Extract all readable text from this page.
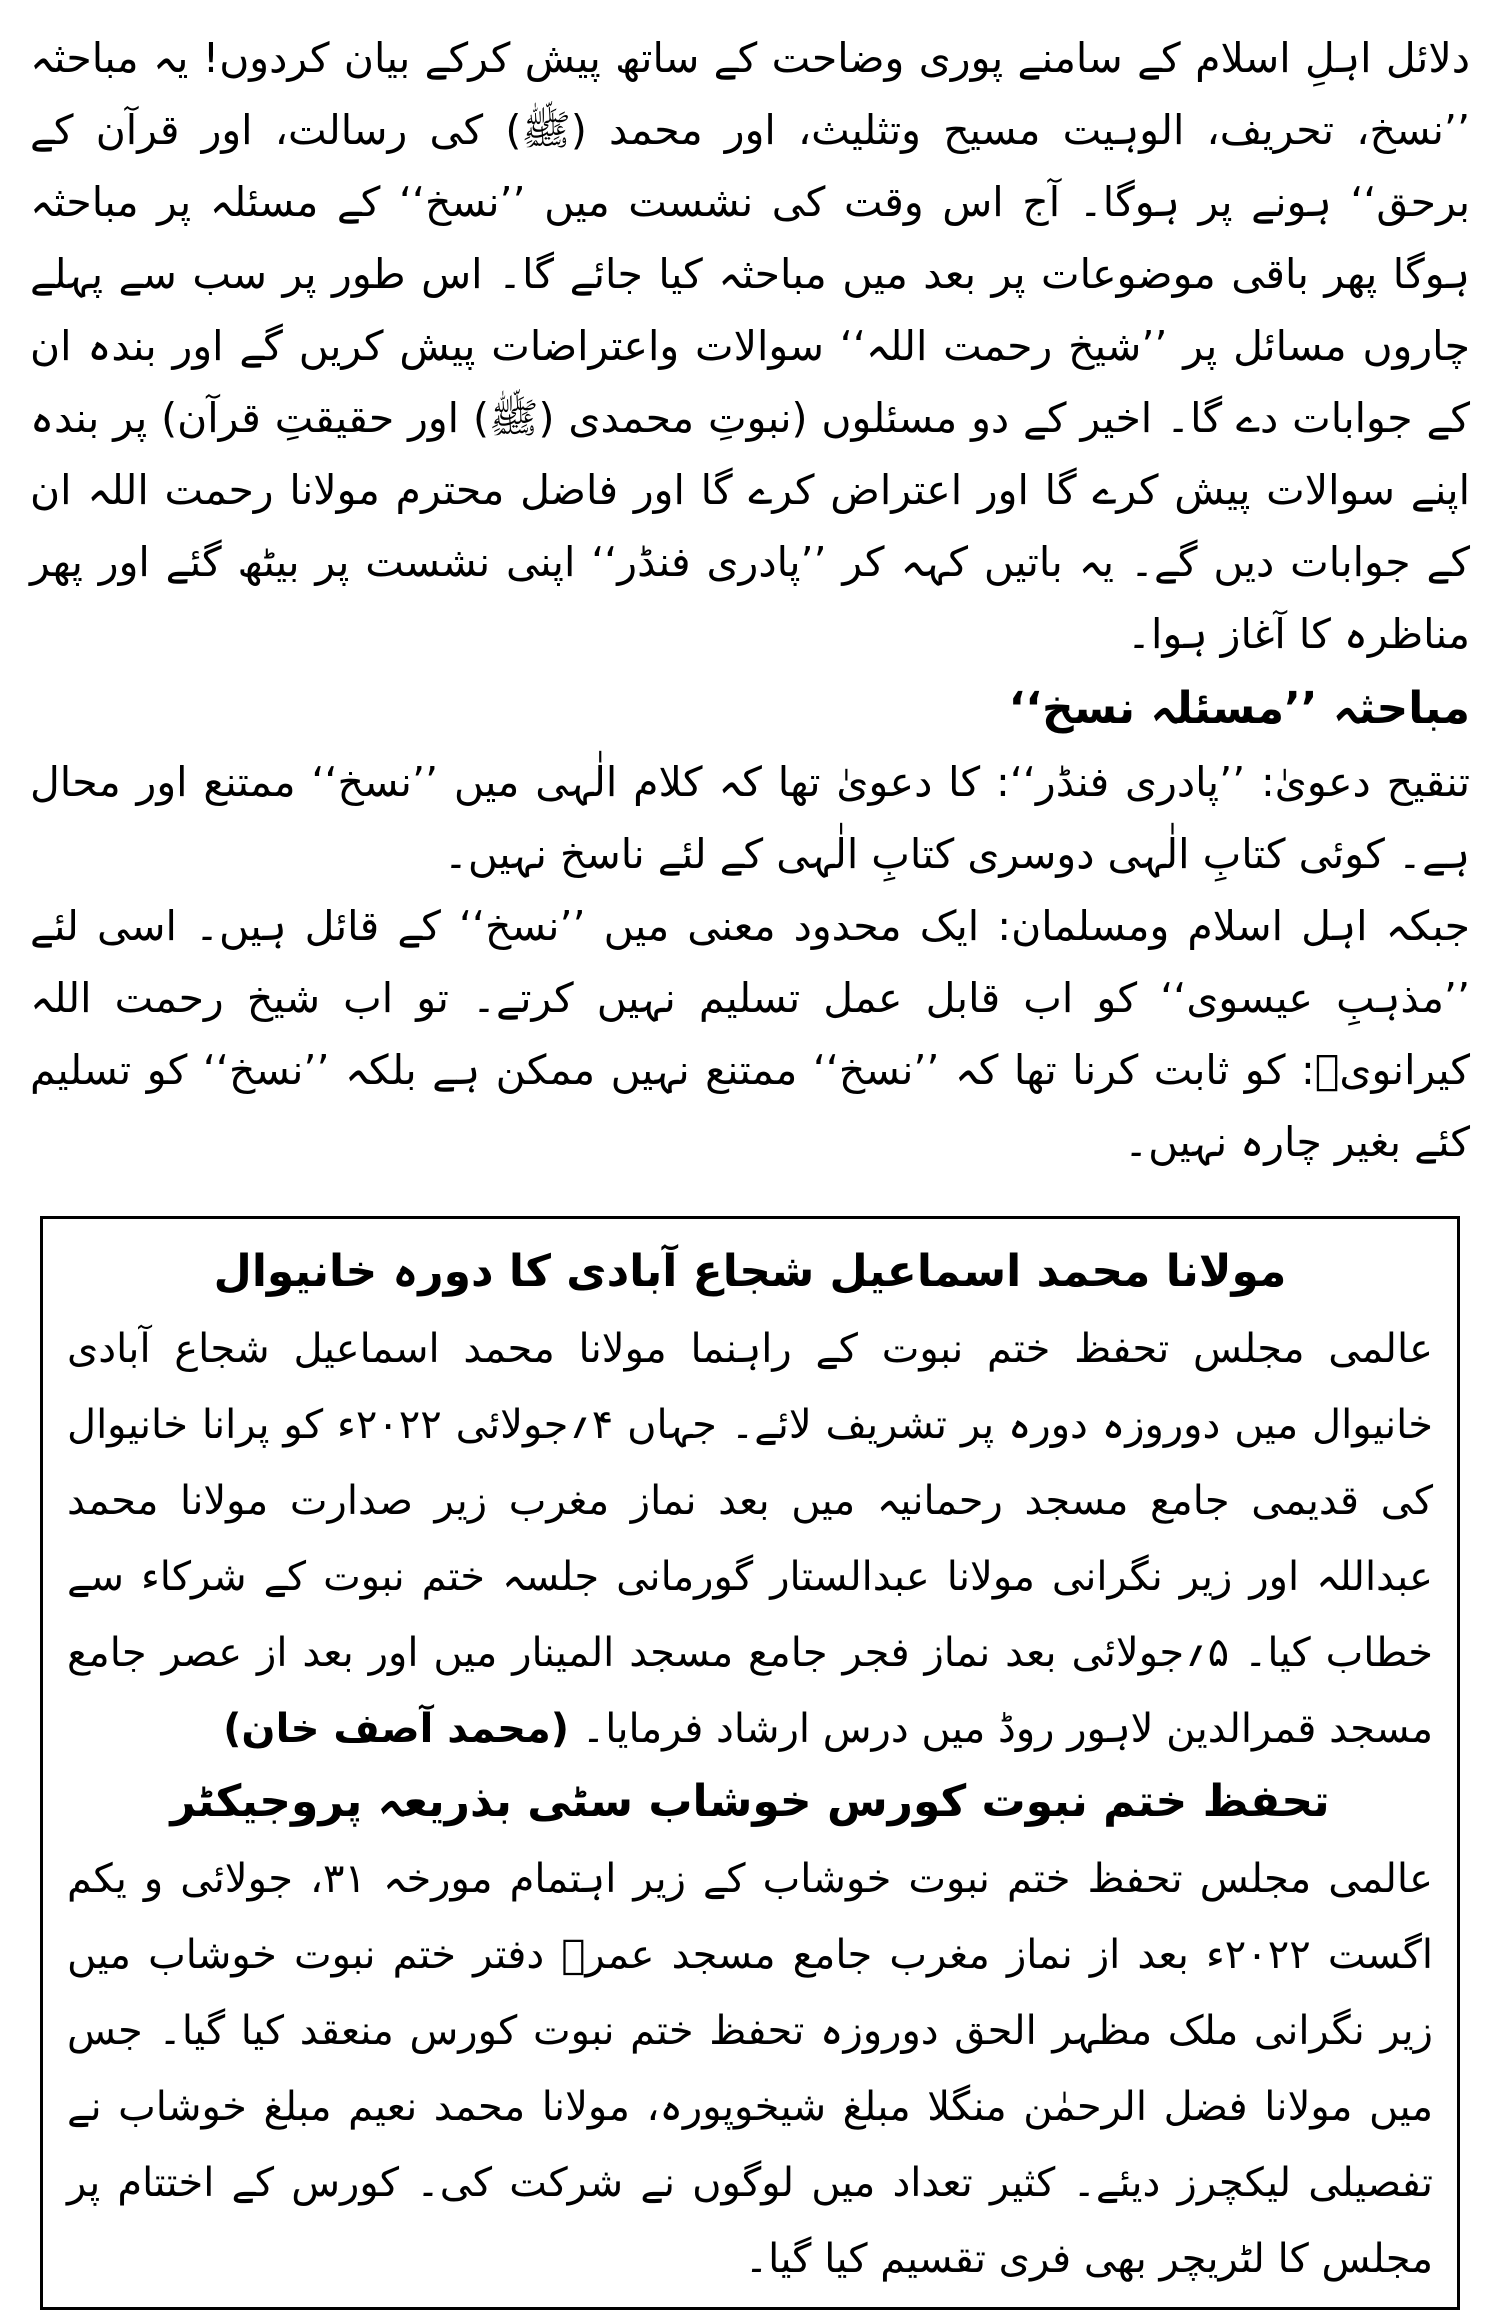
دلائل اہلِ اسلام کے سامنے پوری وضاحت کے ساتھ پیش کرکے بیان کردوں! یہ مباحثہ ’’نسخ، تحریف، الوہیت مسیح وتثلیث، اور محمد (ﷺ) کی رسالت، اور قرآن کے برحق‘‘ ہونے پر ہوگا۔ آج اس وقت کی نشست میں ’’نسخ‘‘ کے مسئلہ پر مباحثہ ہوگا پھر باقی موضوعات پر بعد میں مباحثہ کیا جائے گا۔ اس طور پر سب سے پہلے چاروں مسائل پر ’’شیخ رحمت اللہ‘‘ سوالات واعتراضات پیش کریں گے اور بندہ ان کے جوابات دے گا۔ اخیر کے دو مسئلوں (نبوتِ محمدی (ﷺ) اور حقیقتِ قرآن) پر بندہ اپنے سوالات پیش کرے گا اور اعتراض کرے گا اور فاضل محترم مولانا رحمت اللہ ان کے جوابات دیں گے۔ یہ باتیں کہہ کر ’’پادری فنڈر‘‘ اپنی نشست پر بیٹھ گئے اور پھر مناظرہ کا آغاز ہوا۔

مباحثہ ’’مسئلہ نسخ‘‘

تنقیح دعویٰ: ’’پادری فنڈر‘‘: کا دعویٰ تھا کہ کلام الٰہی میں ’’نسخ‘‘ ممتنع اور محال ہے۔ کوئی کتابِ الٰہی دوسری کتابِ الٰہی کے لئے ناسخ نہیں۔

جبکہ اہل اسلام ومسلمان: ایک محدود معنی میں ’’نسخ‘‘ کے قائل ہیں۔ اسی لئے ’’مذہبِ عیسوی‘‘ کو اب قابل عمل تسلیم نہیں کرتے۔ تو اب شیخ رحمت اللہ کیرانویؒ: کو ثابت کرنا تھا کہ ’’نسخ‘‘ ممتنع نہیں ممکن ہے بلکہ ’’نسخ‘‘ کو تسلیم کئے بغیر چارہ نہیں۔

مولانا محمد اسماعیل شجاع آبادی کا دورہ خانیوال

عالمی مجلس تحفظ ختم نبوت کے راہنما مولانا محمد اسماعیل شجاع آبادی خانیوال میں دوروزہ دورہ پر تشریف لائے۔ جہاں ۴؍جولائی ۲۰۲۲ء کو پرانا خانیوال کی قدیمی جامع مسجد رحمانیہ میں بعد نماز مغرب زیر صدارت مولانا محمد عبداللہ اور زیر نگرانی مولانا عبدالستار گورمانی جلسہ ختم نبوت کے شرکاء سے خطاب کیا۔ ۵؍جولائی بعد نماز فجر جامع مسجد المینار میں اور بعد از عصر جامع مسجد قمرالدین لاہور روڈ میں درس ارشاد فرمایا۔ (محمد آصف خان)

تحفظ ختم نبوت کورس خوشاب سٹی بذریعہ پروجیکٹر

عالمی مجلس تحفظ ختم نبوت خوشاب کے زیر اہتمام مورخہ ۳۱، جولائی و یکم اگست ۲۰۲۲ء بعد از نماز مغرب جامع مسجد عمرؓ دفتر ختم نبوت خوشاب میں زیر نگرانی ملک مظہر الحق دوروزہ تحفظ ختم نبوت کورس منعقد کیا گیا۔ جس میں مولانا فضل الرحمٰن منگلا مبلغ شیخوپورہ، مولانا محمد نعیم مبلغ خوشاب نے تفصیلی لیکچرز دیئے۔ کثیر تعداد میں لوگوں نے شرکت کی۔ کورس کے اختتام پر مجلس کا لٹریچر بھی فری تقسیم کیا گیا۔
